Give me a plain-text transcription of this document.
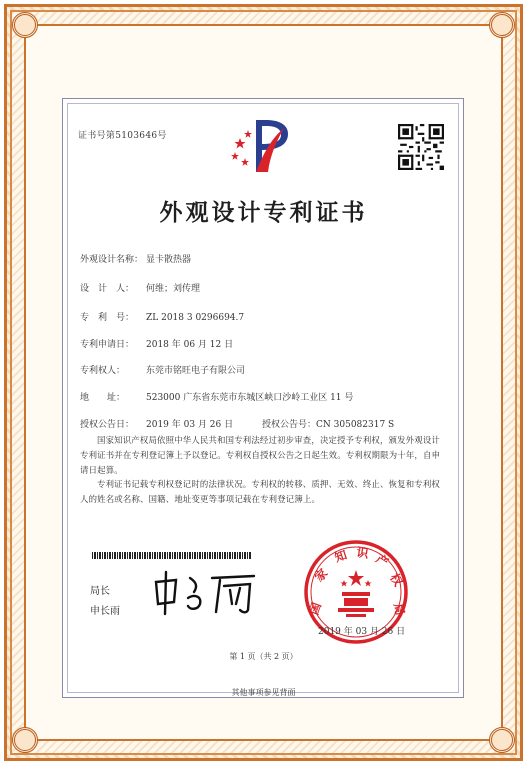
证书号第5103646号
外观设计专利证书
外观设计名称： 显卡散热器
设　计　人： 何维；刘传理
专　利　号： ZL 2018 3 0296694.7
专利申请日： 2018 年 06 月 12 日
专利权人： 东莞市铭旺电子有限公司
地　　址： 523000 广东省东莞市东城区峡口沙岭工业区 11 号
授权公告日： 2019 年 03 月 26 日	授权公告号：CN 305082317 S
国家知识产权局依照中华人民共和国专利法经过初步审查，决定授予专利权，颁发外观设计专利证书并在专利登记簿上予以登记。专利权自授权公告之日起生效。专利权期限为十年，自申请日起算。
专利证书记载专利权登记时的法律状况。专利权的转移、质押、无效、终止、恢复和专利权人的姓名或名称、国籍、地址变更等事项记载在专利登记簿上。
局长
申长雨	国
家
知 识 产
权
局
2019 年 03 月 26 日
第 1 页（共 2 页）
其他事项参见背面
